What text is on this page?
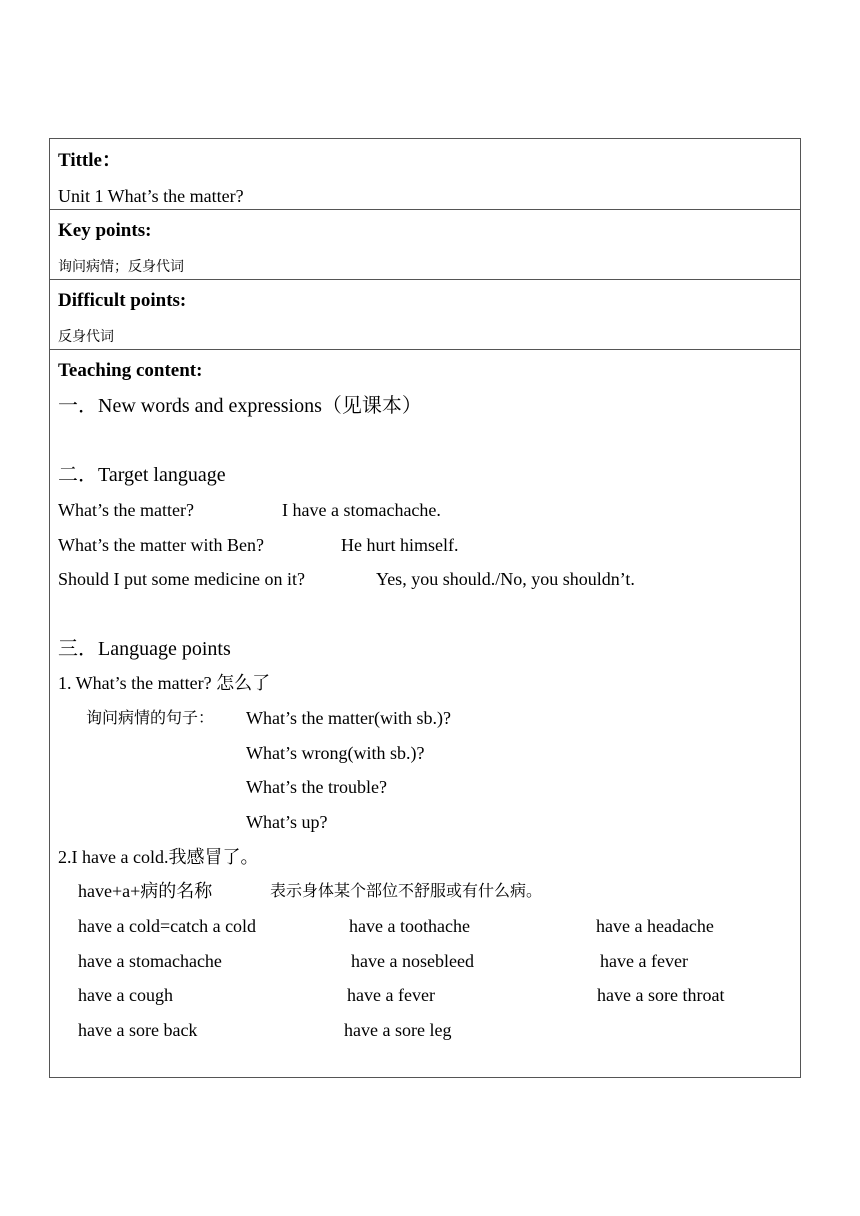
Tittle：
Unit 1 What’s the matter?
Key points:
询问病情；反身代词
Difficult points:
反身代词
Teaching content:
一．New words and expressions（见课本）
二．Target language
What’s the matter?	I have a stomachache.
What’s the matter with Ben?	He hurt himself.
Should I put some medicine on it?	Yes, you should./No, you shouldn’t.
三．Language points
1. What’s the matter? 怎么了
询问病情的句子： What’s the matter(with sb.)?
What’s wrong(with sb.)?
What’s the trouble?
What’s up?
2.I have a cold.我感冒了。
have+a+病的名称	表示身体某个部位不舒服或有什么病。
have a cold=catch a cold	have a toothache	have a headache
have a stomachache	have a nosebleed	have a fever
have a cough	have a fever	have a sore throat
have a sore back	have a sore leg
